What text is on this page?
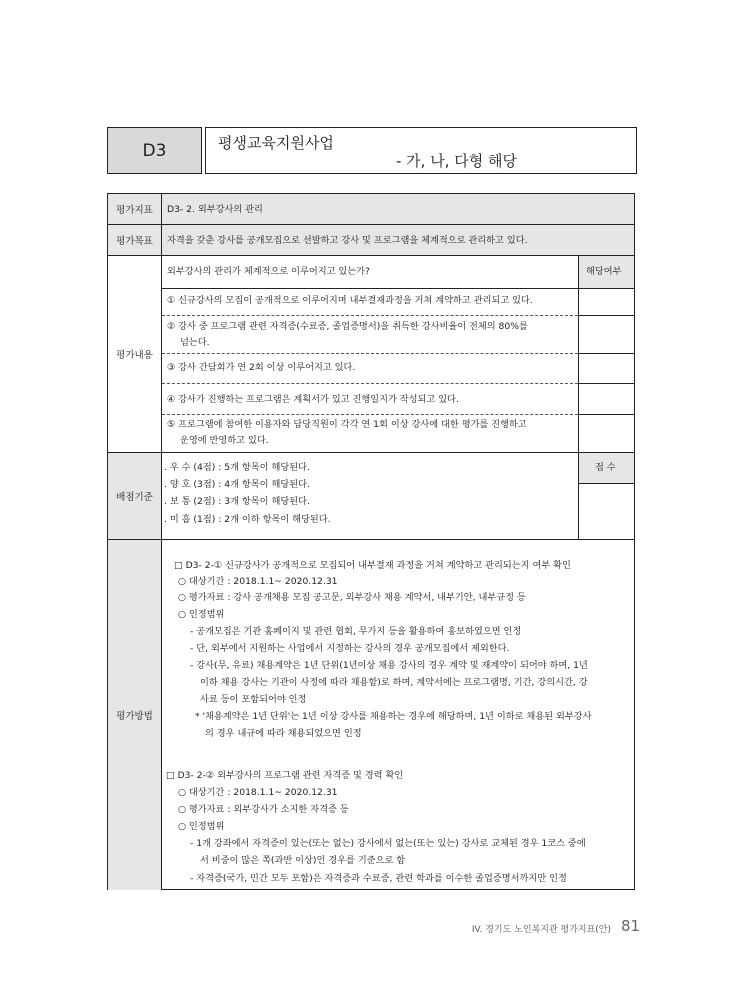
D3	평생교육지원사업
- 가, 나, 다형 해당
평가지표	D3- 2. 외부강사의 관리
평가목표	자격을 갖춘 강사를 공개모집으로 선발하고 강사 및 프로그램을 체계적으로 관리하고 있다.
평가내용
외부강사의 관리가 체계적으로 이루어지고 있는가?	해당여부
① 신규강사의 모집이 공개적으로 이루어지며 내부결재과정을 거쳐 계약하고 관리되고 있다.
② 강사 중 프로그램 관련 자격증(수료증, 졸업증명서)을 취득한 강사비율이 전체의 80%를
넘는다.
③ 강사 간담회가 연 2회 이상 이루어지고 있다.
④ 강사가 진행하는 프로그램은 계획서가 있고 진행일지가 작성되고 있다.
⑤ 프로그램에 참여한 이용자와 담당직원이 각각 연 1회 이상 강사에 대한 평가를 진행하고
운영에 반영하고 있다.
배점기준
점 수
. 우 수 (4점) : 5개 항목이 해당된다.
. 양 호 (3점) : 4개 항목이 해당된다.
. 보 통 (2점) : 3개 항목이 해당된다.
. 미 흡 (1점) : 2개 이하 항목이 해당된다.
평가방법
□ D3- 2-① 신규강사가 공개적으로 모집되어 내부결재 과정을 거쳐 계약하고 관리되는지 여부 확인
○ 대상기간 : 2018.1.1~ 2020.12.31
○ 평가자료 : 강사 공개채용 모집 공고문, 외부강사 채용 계약서, 내부기안, 내부규정 등
○ 인정범위
- 공개모집은 기관 홈페이지 및 관련 협회, 무가지 등을 활용하여 홍보하였으면 인정
- 단, 외부에서 지원하는 사업에서 지정하는 강사의 경우 공개모집에서 제외한다.
- 강사(무, 유료) 채용계약은 1년 단위(1년이상 채용 강사의 경우 계약 및 재계약이 되어야 하며, 1년
이하 채용 강사는 기관이 사정에 따라 채용함)로 하며, 계약서에는 프로그램명, 기간, 강의시간, 강
사료 등이 포함되어야 인정
* '채용계약은 1년 단위'는 1년 이상 강사를 채용하는 경우에 해당하며, 1년 이하로 채용된 외부강사
의 경우 내규에 따라 채용되었으면 인정
□ D3- 2-② 외부강사의 프로그램 관련 자격증 및 경력 확인
○ 대상기간 : 2018.1.1~ 2020.12.31
○ 평가자료 : 외부강사가 소지한 자격증 등
○ 인정범위
- 1개 강좌에서 자격증이 있는(또는 없는) 강사에서 없는(또는 있는) 강사로 교체된 경우 1코스 중에
서 비중이 많은 쪽(과반 이상)인 경우를 기준으로 함
- 자격증(국가, 민간 모두 포함)은 자격증과 수료증, 관련 학과를 이수한 졸업증명서까지만 인정
IV. 경기도 노인복지관 평가지표(안) 81
